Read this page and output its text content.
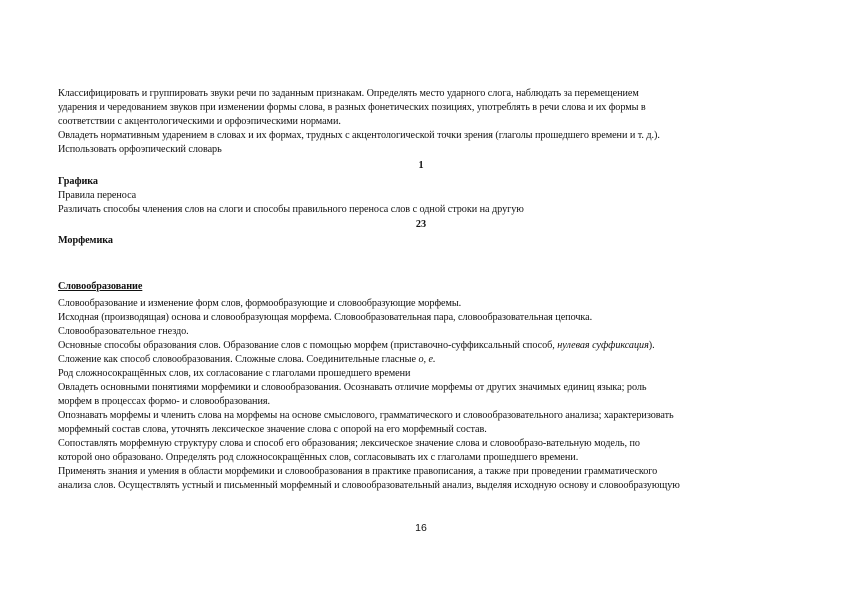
Классифицировать и группировать звуки речи по заданным признакам. Определять место ударного слога, наблюдать за перемещением
ударения и чередованием звуков при изменении формы слова, в разных фонетических позициях, употреблять в речи слова и их формы в
соответствии с акцентологическими и орфоэпическими нормами.
Овладеть нормативным ударением в словах и их формах, трудных с акцентологической точки зрения (глаголы прошедшего времени и т. д.).
Использовать орфоэпический словарь
1
Графика
Правила переноса
Различать способы членения слов на слоги и способы правильного переноса слов с одной строки на другую
23
Морфемика
Словообразование
Словообразование и изменение форм слов, формообразующие и словообразующие морфемы.
Исходная (производящая) основа и словообразующая морфема. Словообразовательная пара, словообразовательная цепочка.
Словообразовательное гнездо.
Основные способы образования слов. Образование слов с помощью морфем (приставочно-суффиксальный способ, нулевая суффиксация).
Сложение как способ словообразования. Сложные слова. Соединительные гласные о, е.
Род сложносокращённых слов, их согласование с глаголами прошедшего времени
Овладеть основными понятиями морфемики и словообразования. Осознавать отличие морфемы от других значимых единиц языка; роль
морфем в процессах формо- и словообразования.
Опознавать морфемы и членить слова на морфемы на основе смыслового, грамматического и словообразовательного анализа; характеризовать
морфемный состав слова, уточнять лексическое значение слова с опорой на его морфемный состав.
Сопоставлять морфемную структуру слова и способ его образования; лексическое значение слова и словообразо-вательную модель, по
которой оно образовано. Определять род сложносокращённых слов, согласовывать их с глаголами прошедшего времени.
Применять знания и умения в области морфемики и словообразования в практике правописания, а также при проведении грамматического
анализа слов. Осуществлять устный и письменный морфемный и словообразовательный анализ, выделяя исходную основу и словообразующую
16
